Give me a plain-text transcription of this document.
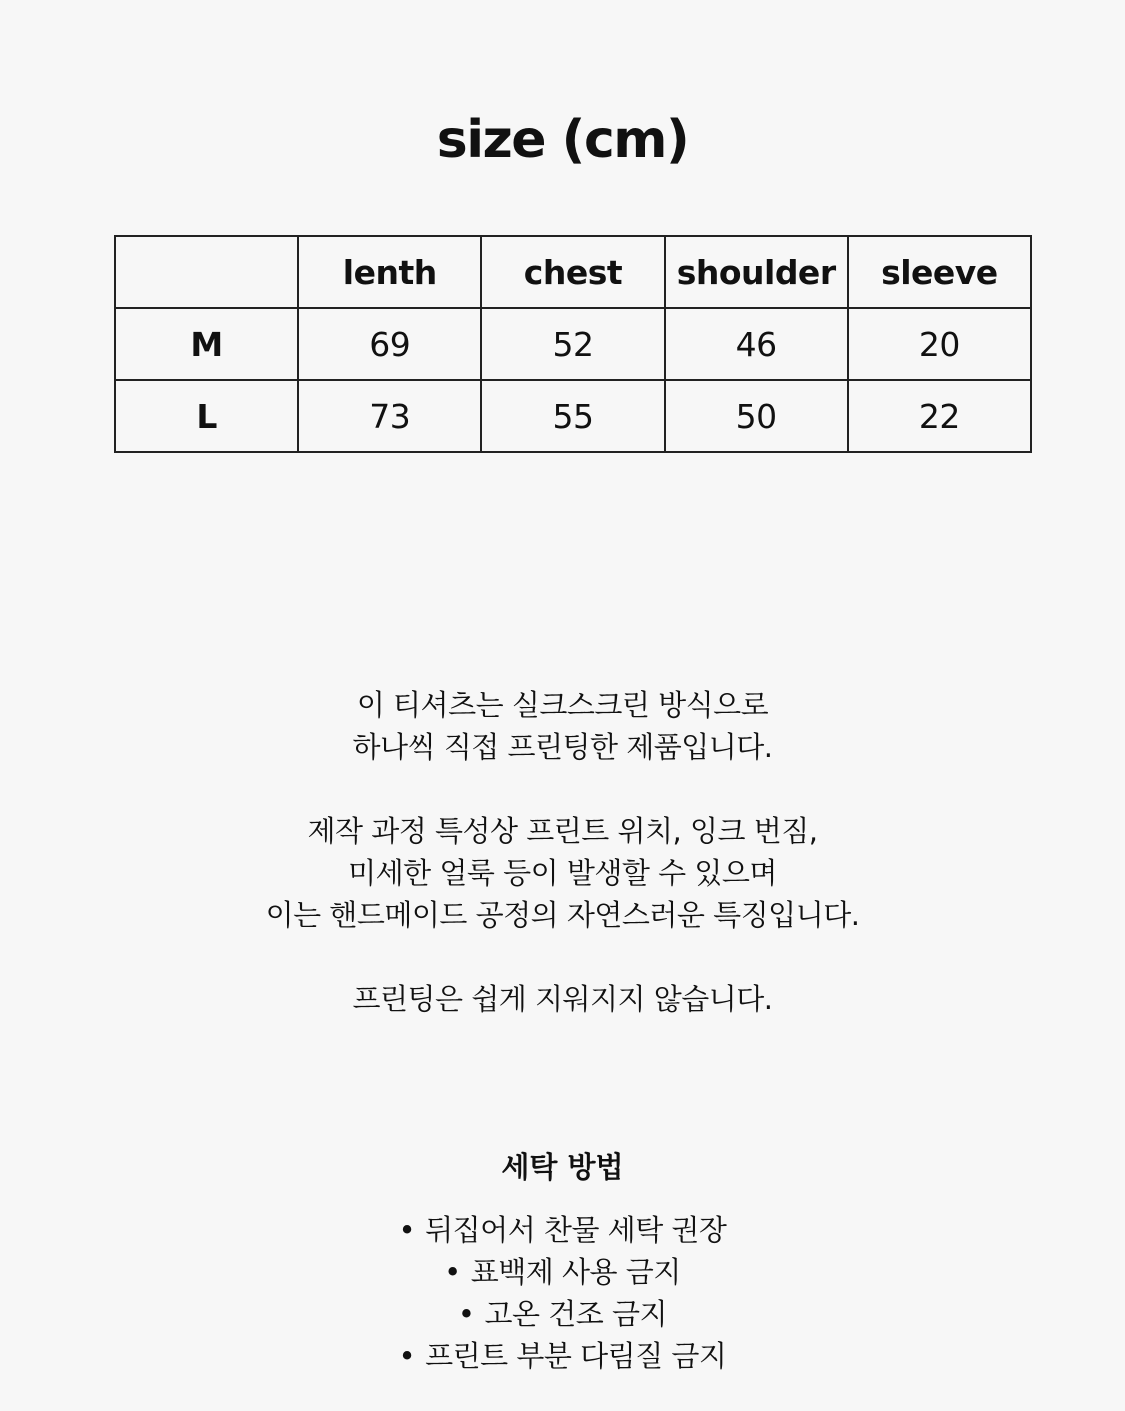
size (cm)
	lenth	chest	shoulder	sleeve
M	69	52	46	20
L	73	55	50	22

이 티셔츠는 실크스크린 방식으로
하나씩 직접 프린팅한 제품입니다.

제작 과정 특성상 프린트 위치, 잉크 번짐,
미세한 얼룩 등이 발생할 수 있으며
이는 핸드메이드 공정의 자연스러운 특징입니다.

프린팅은 쉽게 지워지지 않습니다.

세탁 방법
• 뒤집어서 찬물 세탁 권장
• 표백제 사용 금지
• 고온 건조 금지
• 프린트 부분 다림질 금지
